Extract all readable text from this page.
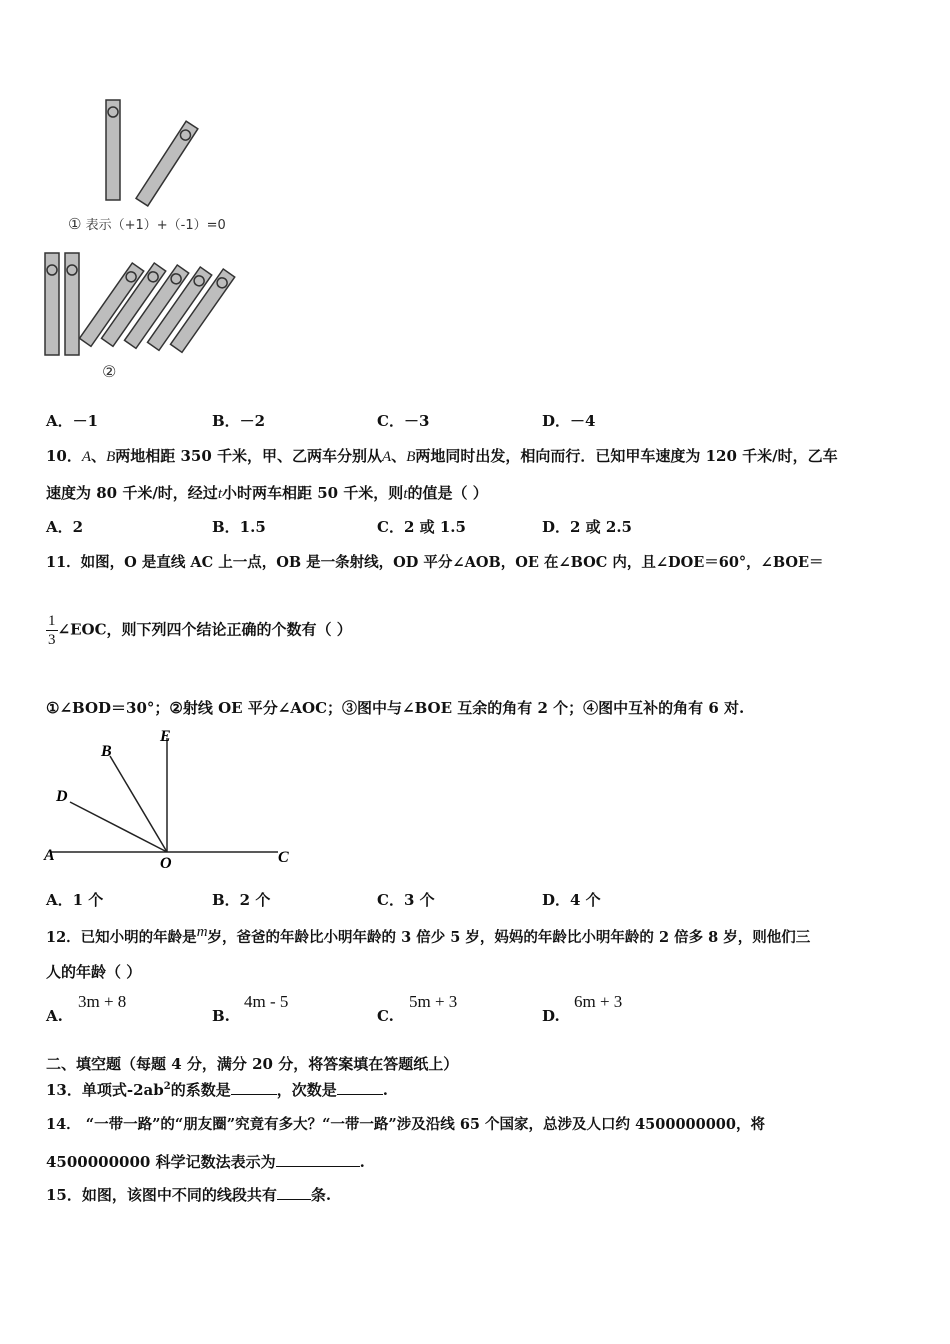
① 表示（+1）+（-1）=0
②
A．－1	B．－2	C．－3	D．－4
10．A、B两地相距 350 千米，甲、乙两车分别从A、B两地同时出发，相向而行．已知甲车速度为 120 千米/时，乙车
速度为 80 千米/时，经过t小时两车相距 50 千米，则t的值是（ ）
A．2	B．1.5	C．2 或 1.5	D．2 或 2.5
11．如图，O 是直线 AC 上一点，OB 是一条射线，OD 平分∠AOB，OE 在∠BOC 内，且∠DOE＝60°，∠BOE＝
$\frac{1}{3}$ ∠EOC，则下列四个结论正确的个数有（ ）
①∠BOD＝30°；②射线 OE 平分∠AOC；③图中与∠BOE 互余的角有 2 个；④图中互补的角有 6 对.
A	C
E
B
D
O
A．1 个	B．2 个	C．3 个	D．4 个
12．已知小明的年龄是$^m$岁，爸爸的年龄比小明年龄的 3 倍少 5 岁，妈妈的年龄比小明年龄的 2 倍多 8 岁，则他们三
人的年龄（ ）
A.
3m + 8
B.
4m - 5
C.
5m + 3
D.
6m + 3
二、填空题（每题 4 分，满分 20 分，将答案填在答题纸上）
13．单项式$-2ab^2$的系数是	，次数是	.
14． “一带一路”的“朋友圈”究竟有多大？“一带一路”涉及沿线 65 个国家，总涉及人口约 4500000000，将
4500000000 科学记数法表示为	.
15．如图，该图中不同的线段共有 条.
